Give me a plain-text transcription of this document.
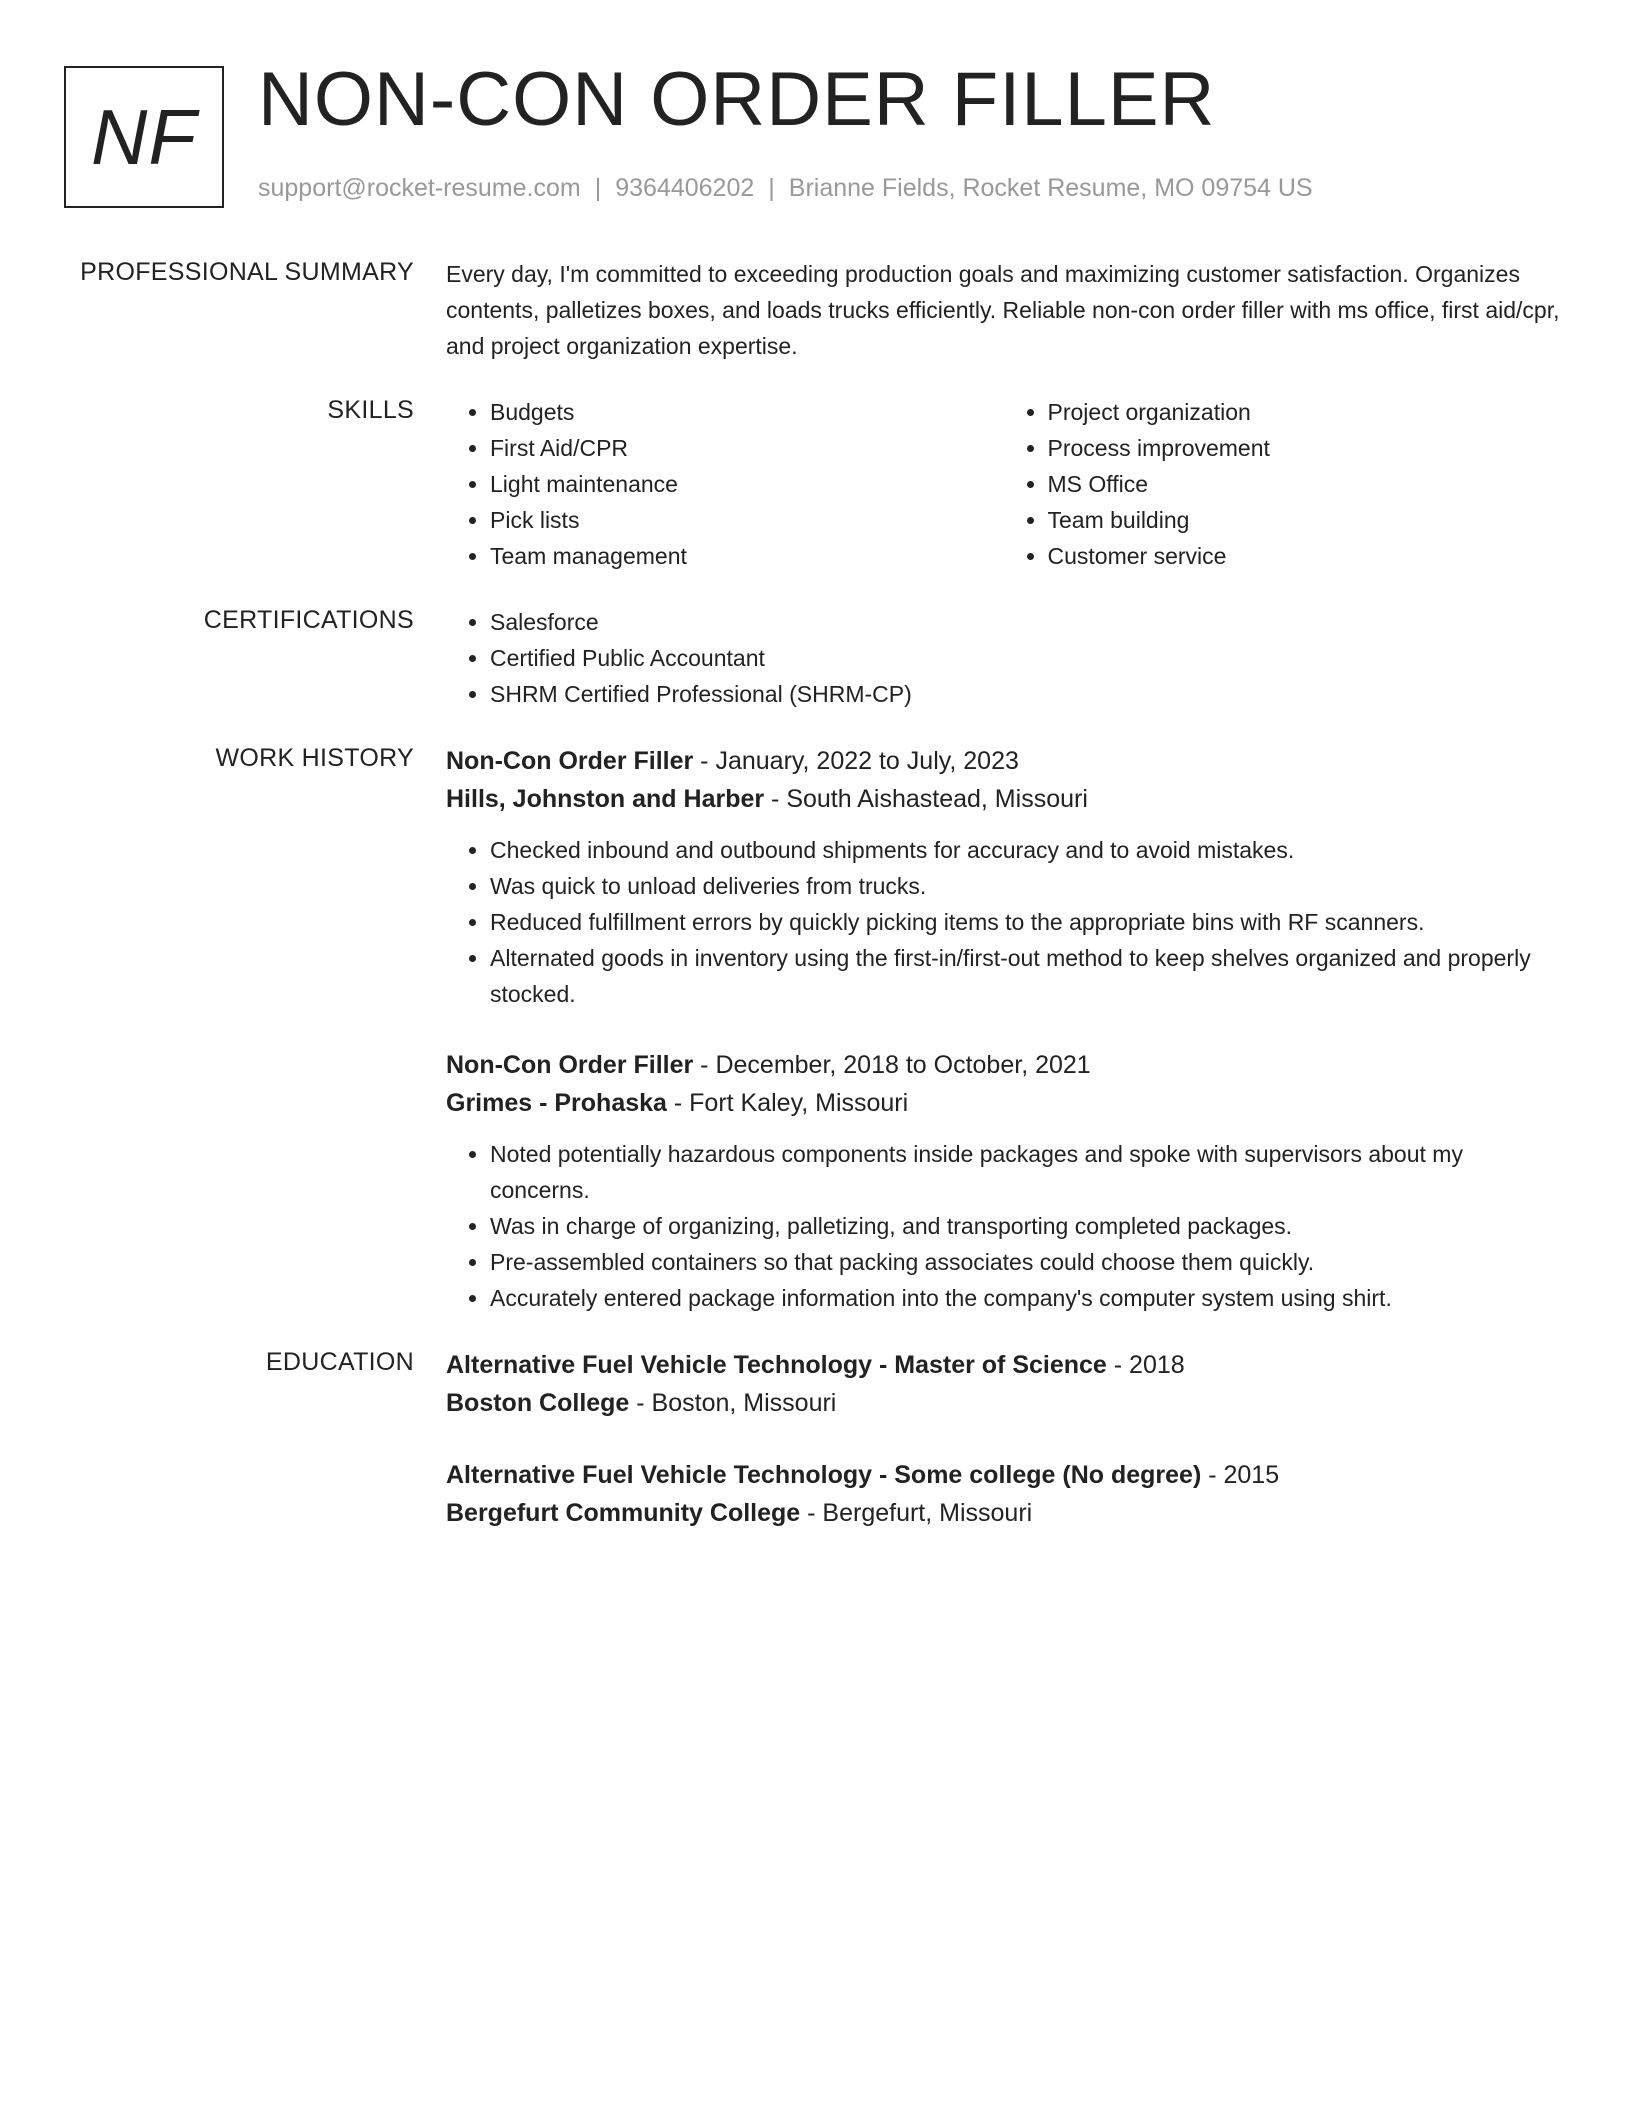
NF NON-CON ORDER FILLER
support@rocket-resume.com | 9364406202 | Brianne Fields, Rocket Resume, MO 09754 US
PROFESSIONAL SUMMARY Every day, I'm committed to exceeding production goals and maximizing customer satisfaction. Organizes contents, palletizes boxes, and loads trucks efficiently. Reliable non-con order filler with ms office, first aid/cpr, and project organization expertise.

SKILLS	• Budgets
• First Aid/CPR
• Light maintenance
• Pick lists
• Team management
• Project organization
• Process improvement
• MS Office
• Team building
• Customer service
CERTIFICATIONS	• Salesforce
• Certified Public Accountant
• SHRM Certified Professional (SHRM-CP)
WORK HISTORY Non-Con Order Filler - January, 2022 to July, 2023
Hills, Johnston and Harber - South Aishastead, Missouri
• Checked inbound and outbound shipments for accuracy and to avoid mistakes.
• Was quick to unload deliveries from trucks.
• Reduced fulfillment errors by quickly picking items to the appropriate bins with RF scanners.
• Alternated goods in inventory using the first-in/first-out method to keep shelves organized and properly stocked.
Non-Con Order Filler - December, 2018 to October, 2021
Grimes - Prohaska - Fort Kaley, Missouri
• Noted potentially hazardous components inside packages and spoke with supervisors about my concerns.
• Was in charge of organizing, palletizing, and transporting completed packages.
• Pre-assembled containers so that packing associates could choose them quickly.
• Accurately entered package information into the company's computer system using shirt.
EDUCATION Alternative Fuel Vehicle Technology - Master of Science - 2018
Boston College - Boston, Missouri
Alternative Fuel Vehicle Technology - Some college (No degree) - 2015
Bergefurt Community College - Bergefurt, Missouri
